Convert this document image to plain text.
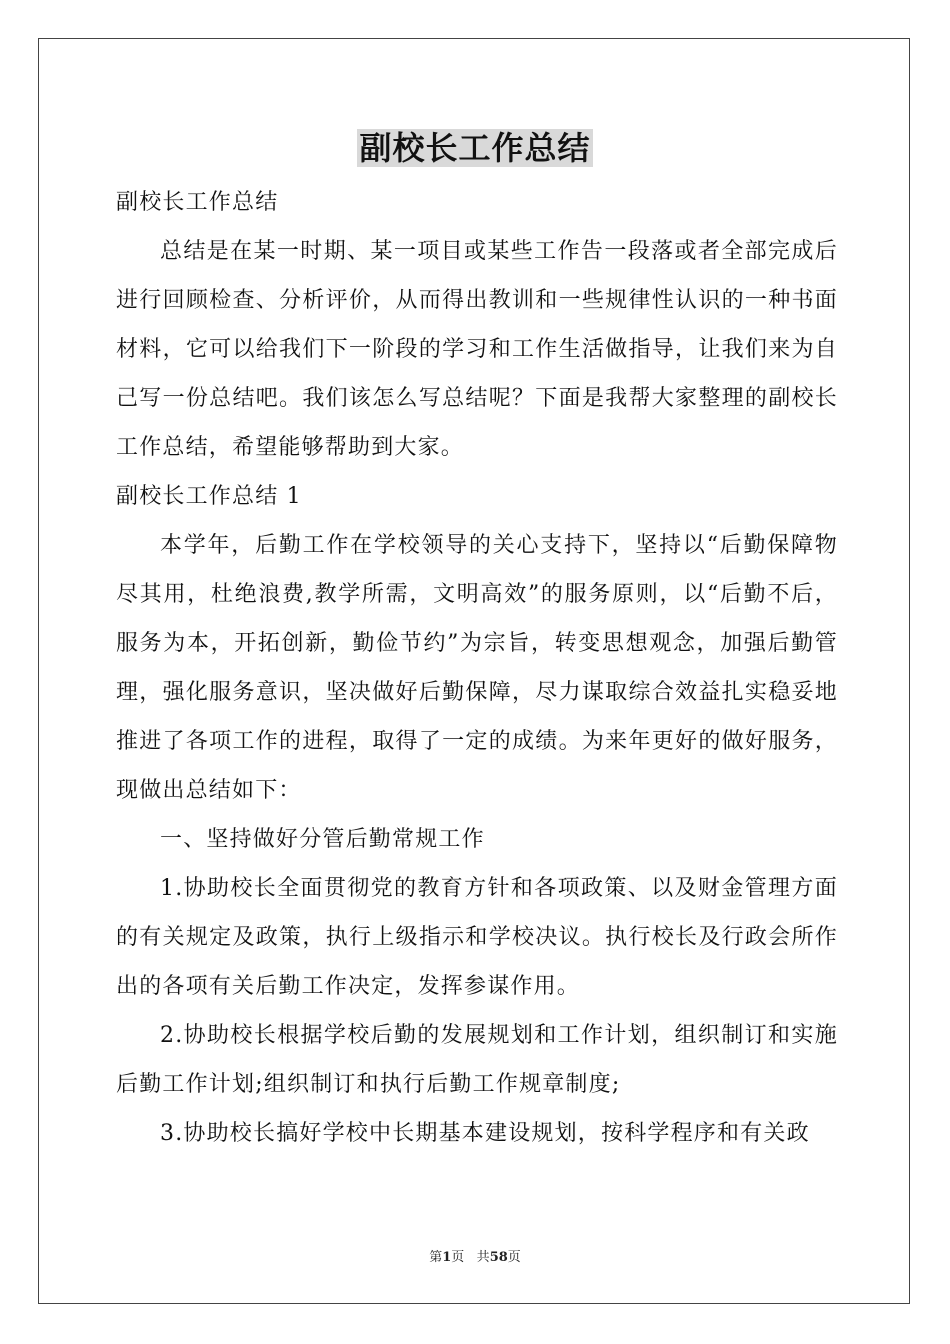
副校长工作总结

副校长工作总结

总结是在某一时期、某一项目或某些工作告一段落或者全部完成后进行回顾检查、分析评价，从而得出教训和一些规律性认识的一种书面材料，它可以给我们下一阶段的学习和工作生活做指导，让我们来为自己写一份总结吧。我们该怎么写总结呢？下面是我帮大家整理的副校长工作总结，希望能够帮助到大家。

副校长工作总结 1

本学年，后勤工作在学校领导的关心支持下，坚持以“后勤保障物尽其用，杜绝浪费,教学所需，文明高效”的服务原则，以“后勤不后，服务为本，开拓创新，勤俭节约”为宗旨，转变思想观念，加强后勤管理，强化服务意识，坚决做好后勤保障，尽力谋取综合效益扎实稳妥地推进了各项工作的进程，取得了一定的成绩。为来年更好的做好服务，现做出总结如下：

一、坚持做好分管后勤常规工作

1.协助校长全面贯彻党的教育方针和各项政策、以及财金管理方面的有关规定及政策，执行上级指示和学校决议。执行校长及行政会所作出的各项有关后勤工作决定，发挥参谋作用。

2.协助校长根据学校后勤的发展规划和工作计划，组织制订和实施后勤工作计划;组织制订和执行后勤工作规章制度;

3.协助校长搞好学校中长期基本建设规划，按科学程序和有关政

第1页 共58页
